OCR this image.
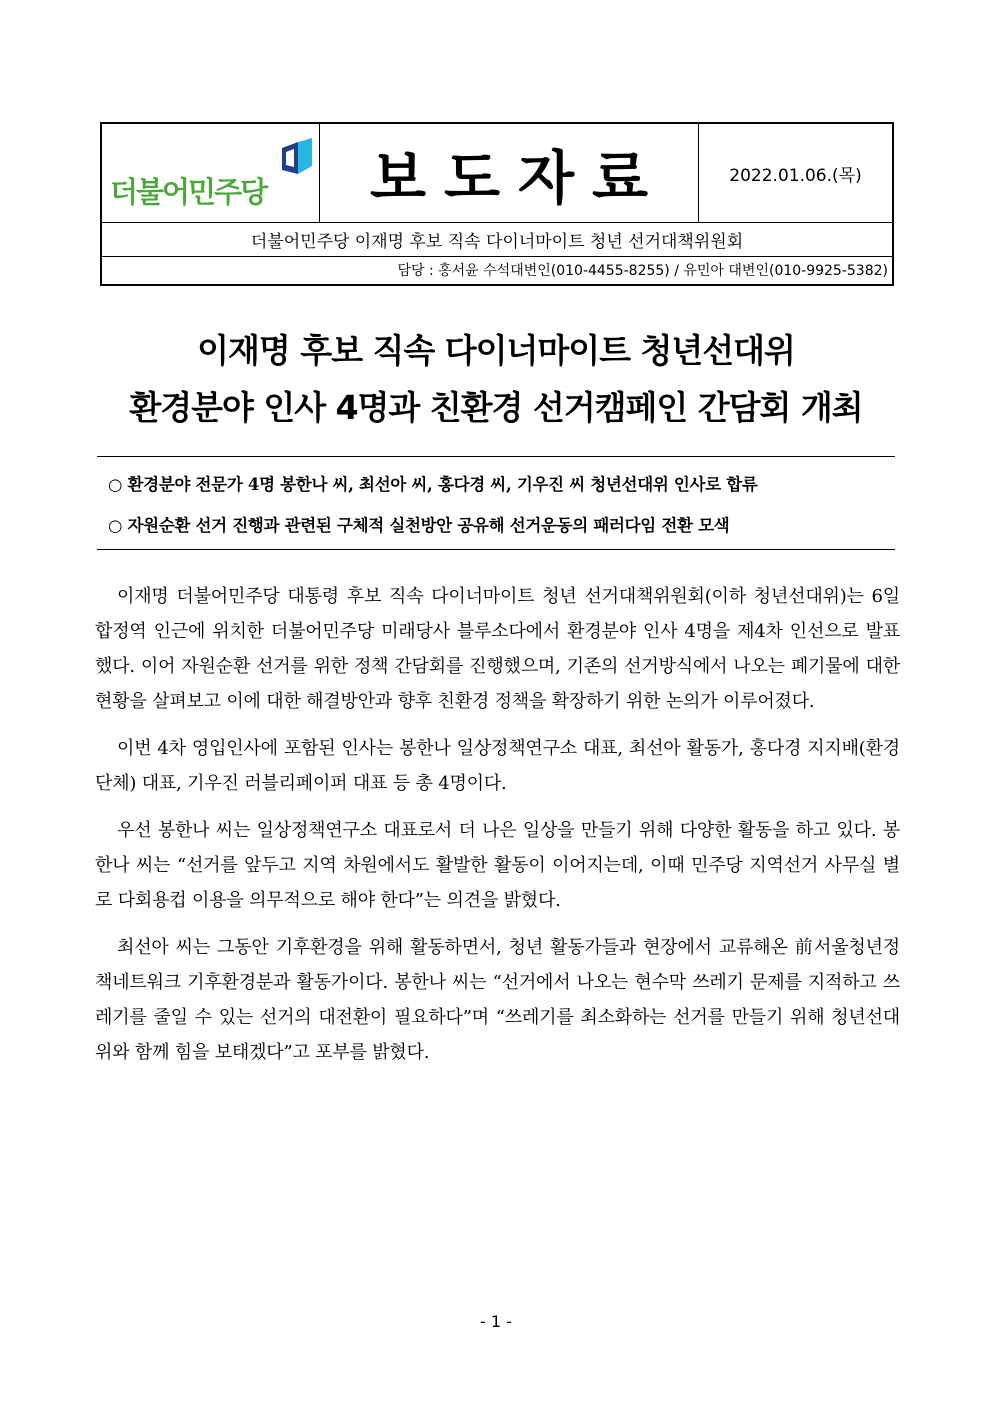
더불어민주당	보도자료	2022.01.06.(목)
더불어민주당 이재명 후보 직속 다이너마이트 청년 선거대책위원회
담당 : 홍서윤 수석대변인(010-4455-8255) / 유민아 대변인(010-9925-5382)
이재명 후보 직속 다이너마이트 청년선대위
환경분야 인사 4명과 친환경 선거캠페인 간담회 개최
○ 환경분야 전문가 4명 봉한나 씨, 최선아 씨, 홍다경 씨, 기우진 씨 청년선대위 인사로 합류
○ 자원순환 선거 진행과 관련된 구체적 실천방안 공유해 선거운동의 패러다임 전환 모색

이재명 더불어민주당 대통령 후보 직속 다이너마이트 청년 선거대책위원회(이하 청년선대위)는 6일 합정역 인근에 위치한 더불어민주당 미래당사 블루소다에서 환경분야 인사 4명을 제4차 인선으로 발표했다. 이어 자원순환 선거를 위한 정책 간담회를 진행했으며, 기존의 선거방식에서 나오는 폐기물에 대한 현황을 살펴보고 이에 대한 해결방안과 향후 친환경 정책을 확장하기 위한 논의가 이루어졌다.

이번 4차 영입인사에 포함된 인사는 봉한나 일상정책연구소 대표, 최선아 활동가, 홍다경 지지배(환경단체) 대표, 기우진 러블리페이퍼 대표 등 총 4명이다.

우선 봉한나 씨는 일상정책연구소 대표로서 더 나은 일상을 만들기 위해 다양한 활동을 하고 있다. 봉한나 씨는 “선거를 앞두고 지역 차원에서도 활발한 활동이 이어지는데, 이때 민주당 지역선거 사무실 별로 다회용컵 이용을 의무적으로 해야 한다”는 의견을 밝혔다.

최선아 씨는 그동안 기후환경을 위해 활동하면서, 청년 활동가들과 현장에서 교류해온 前서울청년정책네트워크 기후환경분과 활동가이다. 봉한나 씨는 “선거에서 나오는 현수막 쓰레기 문제를 지적하고 쓰레기를 줄일 수 있는 선거의 대전환이 필요하다”며 “쓰레기를 최소화하는 선거를 만들기 위해 청년선대위와 함께 힘을 보태겠다”고 포부를 밝혔다.

- 1 -
